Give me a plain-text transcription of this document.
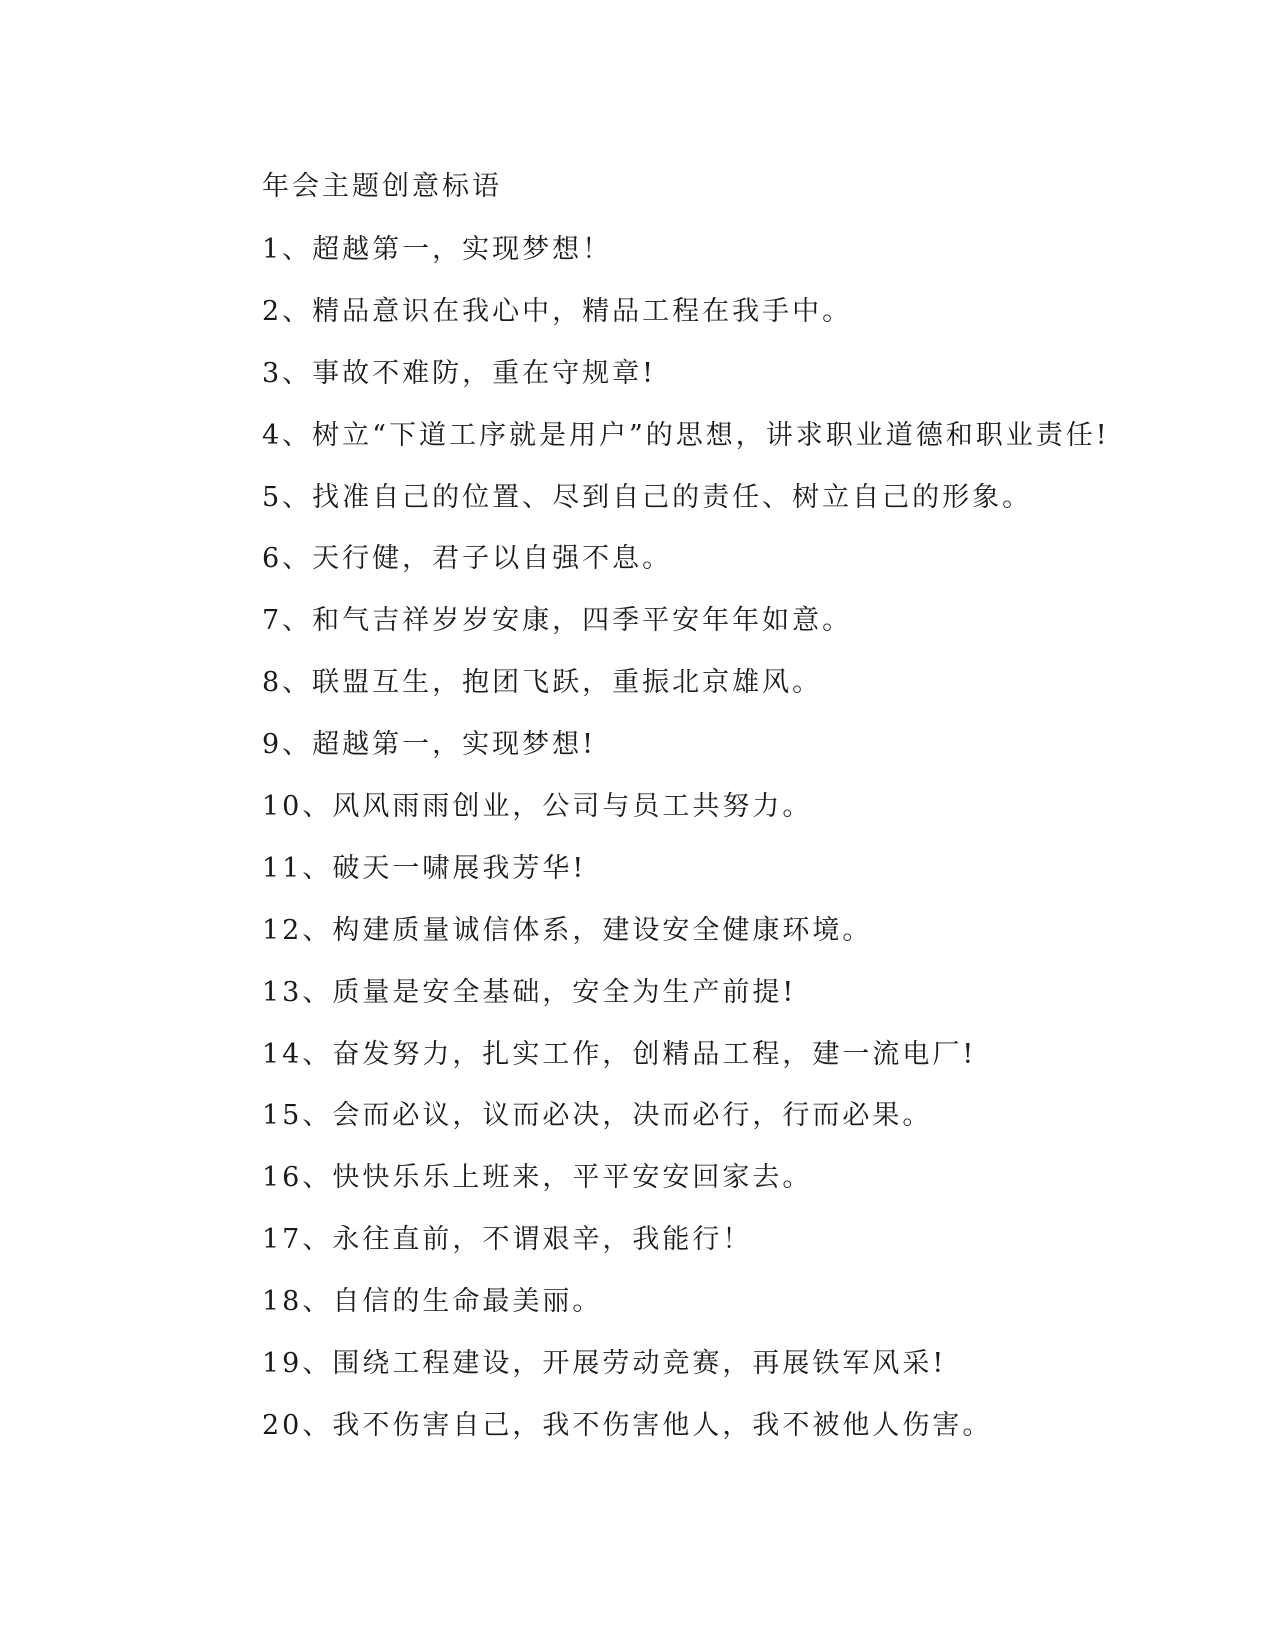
年会主题创意标语
1、超越第一，实现梦想！
2、精品意识在我心中，精品工程在我手中。
3、事故不难防，重在守规章!
4、树立“下道工序就是用户”的思想，讲求职业道德和职业责任!
5、找准自己的位置、尽到自己的责任、树立自己的形象。
6、天行健，君子以自强不息。
7、和气吉祥岁岁安康，四季平安年年如意。
8、联盟互生，抱团飞跃，重振北京雄风。
9、超越第一，实现梦想!
10、风风雨雨创业，公司与员工共努力。
11、破天一啸展我芳华!
12、构建质量诚信体系，建设安全健康环境。
13、质量是安全基础，安全为生产前提!
14、奋发努力，扎实工作，创精品工程，建一流电厂!
15、会而必议，议而必决，决而必行，行而必果。
16、快快乐乐上班来，平平安安回家去。
17、永往直前，不谓艰辛，我能行！
18、自信的生命最美丽。
19、围绕工程建设，开展劳动竞赛，再展铁军风采!
20、我不伤害自己，我不伤害他人，我不被他人伤害。
